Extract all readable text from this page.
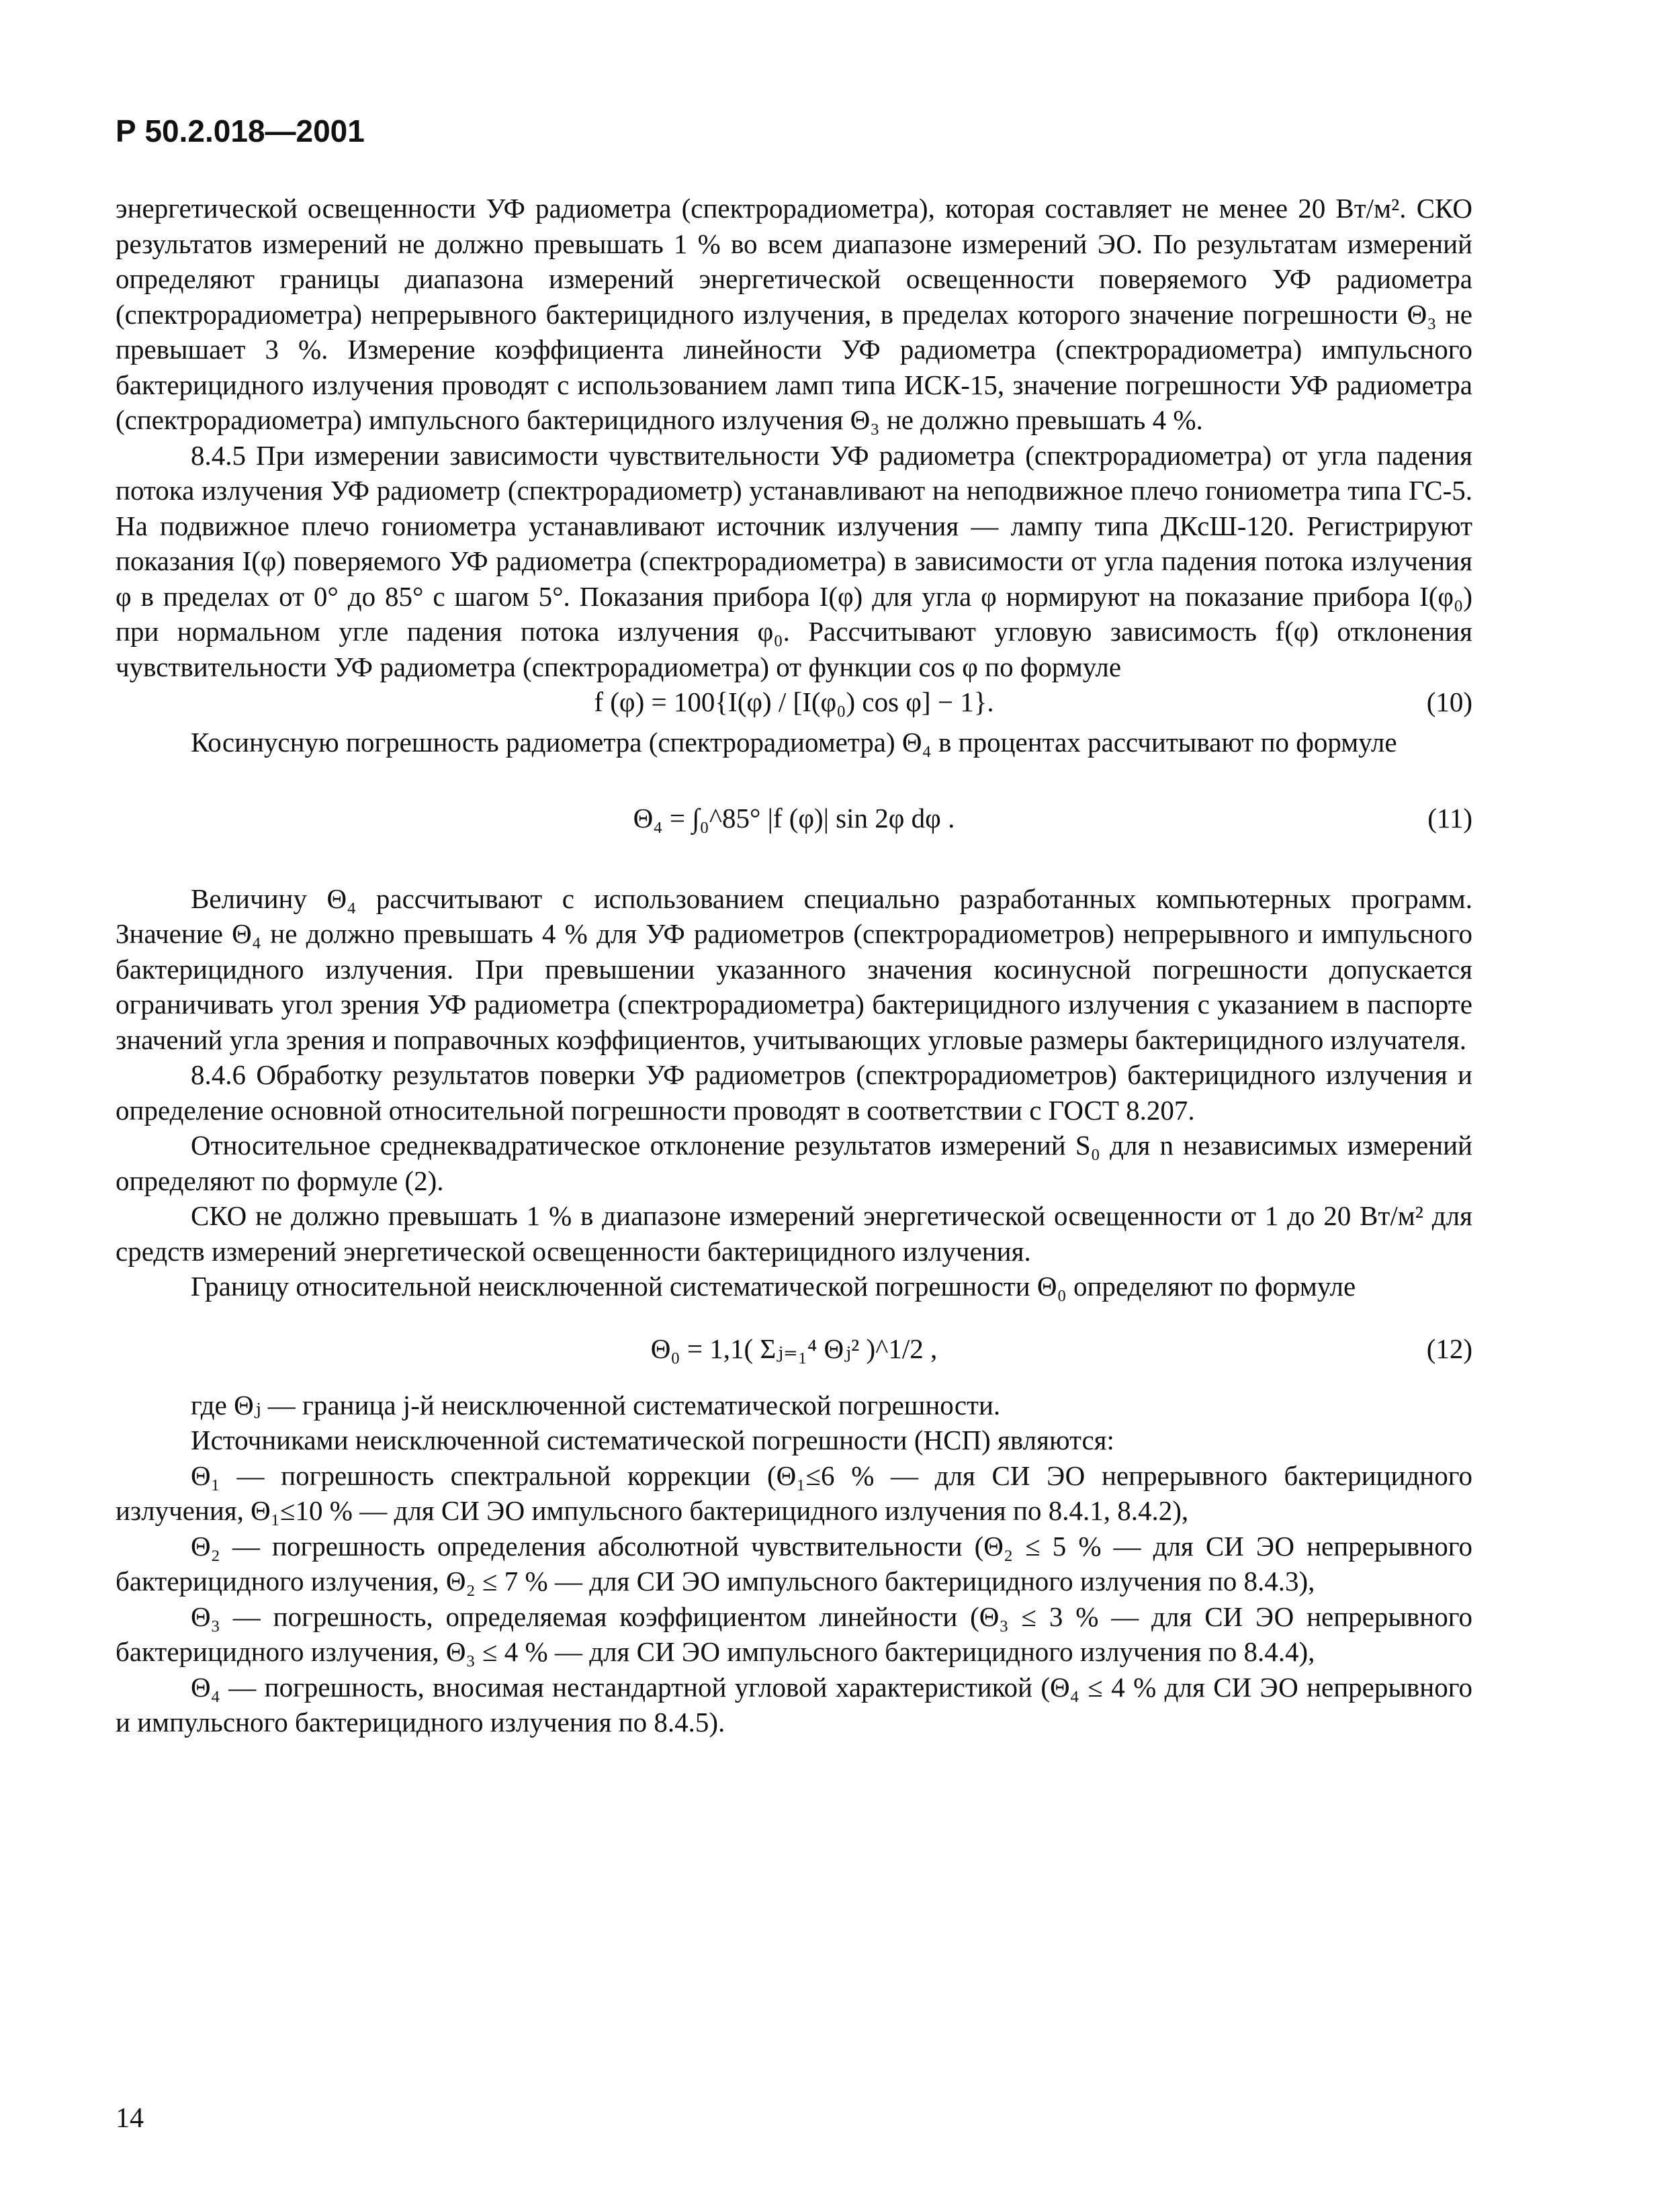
Р 50.2.018—2001

энергетической освещенности УФ радиометра (спектрорадиометра), которая составляет не менее 20 Вт/м². СКО результатов измерений не должно превышать 1 % во всем диапазоне измерений ЭО. По результатам измерений определяют границы диапазона измерений энергетической освещенности поверяемого УФ радиометра (спектрорадиометра) непрерывного бактерицидного излучения, в пределах которого значение погрешности Θ₃ не превышает 3 %. Измерение коэффициента линейности УФ радиометра (спектрорадиометра) импульсного бактерицидного излучения проводят с использованием ламп типа ИСК-15, значение погрешности УФ радиометра (спектрорадиометра) импульсного бактерицидного излучения Θ₃ не должно превышать 4 %.

8.4.5 При измерении зависимости чувствительности УФ радиометра (спектрорадиометра) от угла падения потока излучения УФ радиометр (спектрорадиометр) устанавливают на неподвижное плечо гониометра типа ГС-5. На подвижное плечо гониометра устанавливают источник излучения — лампу типа ДКсШ-120. Регистрируют показания I(φ) поверяемого УФ радиометра (спектрорадиометра) в зависимости от угла падения потока излучения φ в пределах от 0° до 85° с шагом 5°. Показания прибора I(φ) для угла φ нормируют на показание прибора I(φ₀) при нормальном угле падения потока излучения φ₀. Рассчитывают угловую зависимость f(φ) отклонения чувствительности УФ радиометра (спектрорадиометра) от функции cos φ по формуле

f (φ) = 100{I(φ) / [I(φ₀) cos φ] − 1}.	(10)

Косинусную погрешность радиометра (спектрорадиометра) Θ₄ в процентах рассчитывают по формуле

Θ₄ = ∫₀^85° |f (φ)| sin 2φ dφ .	(11)

Величину Θ₄ рассчитывают с использованием специально разработанных компьютерных программ. Значение Θ₄ не должно превышать 4 % для УФ радиометров (спектрорадиометров) непрерывного и импульсного бактерицидного излучения. При превышении указанного значения косинусной погрешности допускается ограничивать угол зрения УФ радиометра (спектрорадиометра) бактерицидного излучения с указанием в паспорте значений угла зрения и поправочных коэффициентов, учитывающих угловые размеры бактерицидного излучателя.

8.4.6 Обработку результатов поверки УФ радиометров (спектрорадиометров) бактерицидного излучения и определение основной относительной погрешности проводят в соответствии с ГОСТ 8.207.

Относительное среднеквадратическое отклонение результатов измерений S₀ для n независимых измерений определяют по формуле (2).

СКО не должно превышать 1 % в диапазоне измерений энергетической освещенности от 1 до 20 Вт/м² для средств измерений энергетической освещенности бактерицидного излучения.

Границу относительной неисключенной систематической погрешности Θ₀ определяют по формуле

Θ₀ = 1,1( Σⱼ₌₁⁴ Θⱼ² )^1/2 ,	(12)

где Θⱼ — граница j-й неисключенной систематической погрешности.

Источниками неисключенной систематической погрешности (НСП) являются:

Θ₁ — погрешность спектральной коррекции (Θ₁≤6 % — для СИ ЭО непрерывного бактерицидного излучения, Θ₁≤10 % — для СИ ЭО импульсного бактерицидного излучения по 8.4.1, 8.4.2),

Θ₂ — погрешность определения абсолютной чувствительности (Θ₂ ≤ 5 % — для СИ ЭО непрерывного бактерицидного излучения, Θ₂ ≤ 7 % — для СИ ЭО импульсного бактерицидного излучения по 8.4.3),

Θ₃ — погрешность, определяемая коэффициентом линейности (Θ₃ ≤ 3 % — для СИ ЭО непрерывного бактерицидного излучения, Θ₃ ≤ 4 % — для СИ ЭО импульсного бактерицидного излучения по 8.4.4),

Θ₄ — погрешность, вносимая нестандартной угловой характеристикой (Θ₄ ≤ 4 % для СИ ЭО непрерывного и импульсного бактерицидного излучения по 8.4.5).

14
